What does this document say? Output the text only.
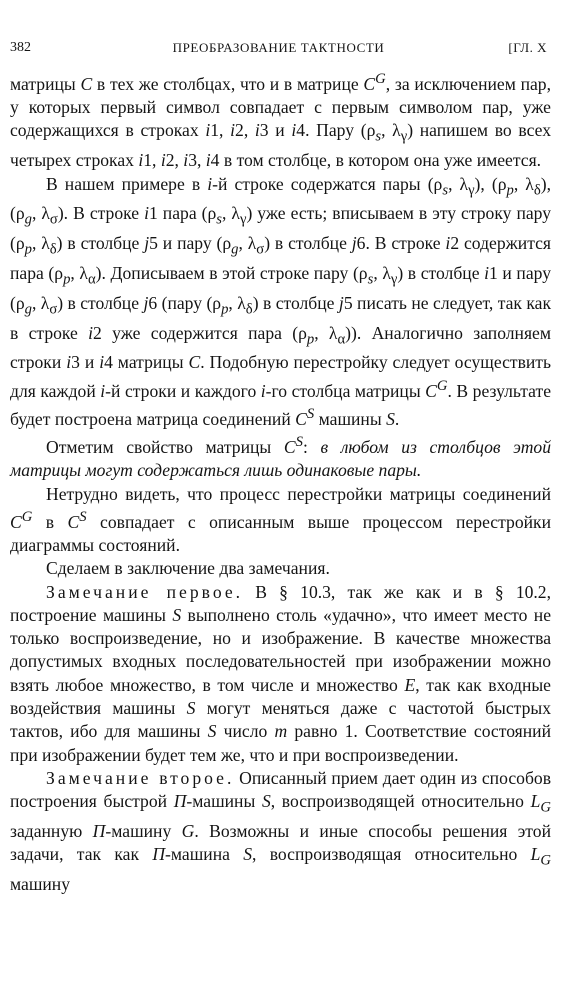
382	ПРЕОБРАЗОВАНИЕ ТАКТНОСТИ	[ГЛ. X

матрицы C в тех же столбцах, что и в матрице $C^G$, за исключением пар, у которых первый символ совпадает с первым символом пар, уже содержащихся в строках i1, i2, i3 и i4. Пару ($\rho_s$, $\lambda_\gamma$) напишем во всех четырех строках i1, i2, i3, i4 в том столбце, в котором она уже имеется.

В нашем примере в i-й строке содержатся пары ($\rho_s$, $\lambda_\gamma$), ($\rho_p$, $\lambda_\delta$), ($\rho_g$, $\lambda_\sigma$). В строке i1 пара ($\rho_s$, $\lambda_\gamma$) уже есть; вписываем в эту строку пару ($\rho_p$, $\lambda_\delta$) в столбце j5 и пару ($\rho_g$, $\lambda_\sigma$) в столбце j6. В строке i2 содержится пара ($\rho_p$, $\lambda_\alpha$). Дописываем в этой строке пару ($\rho_s$, $\lambda_\gamma$) в столбце i1 и пару ($\rho_g$, $\lambda_\sigma$) в столбце j6 (пару ($\rho_p$, $\lambda_\delta$) в столбце j5 писать не следует, так как в строке i2 уже содержится пара ($\rho_p$, $\lambda_\alpha$)). Аналогично заполняем строки i3 и i4 матрицы C. Подобную перестройку следует осуществить для каждой i-й строки и каждого i-го столбца матрицы $C^G$. В результате будет построена матрица соединений $C^S$ машины S.

Отметим свойство матрицы $C^S$: в любом из столбцов этой матрицы могут содержаться лишь одинаковые пары.

Нетрудно видеть, что процесс перестройки матрицы соединений $C^G$ в $C^S$ совпадает с описанным выше процессом перестройки диаграммы состояний.

Сделаем в заключение два замечания.

Замечание первое. В § 10.3, так же как и в § 10.2, построение машины S выполнено столь «удачно», что имеет место не только воспроизведение, но и изображение. В качестве множества допустимых входных последовательностей при изображении можно взять любое множество, в том числе и множество E, так как входные воздействия машины S могут меняться даже с частотой быстрых тактов, ибо для машины S число m равно 1. Соответствие состояний при изображении будет тем же, что и при воспроизведении.

Замечание второе. Описанный прием дает один из способов построения быстрой П-машины S, воспроизводящей относительно $L_G$ заданную П-машину G. Возможны и иные способы решения этой задачи, так как П-машина S, воспроизводящая относительно $L_G$ машину
